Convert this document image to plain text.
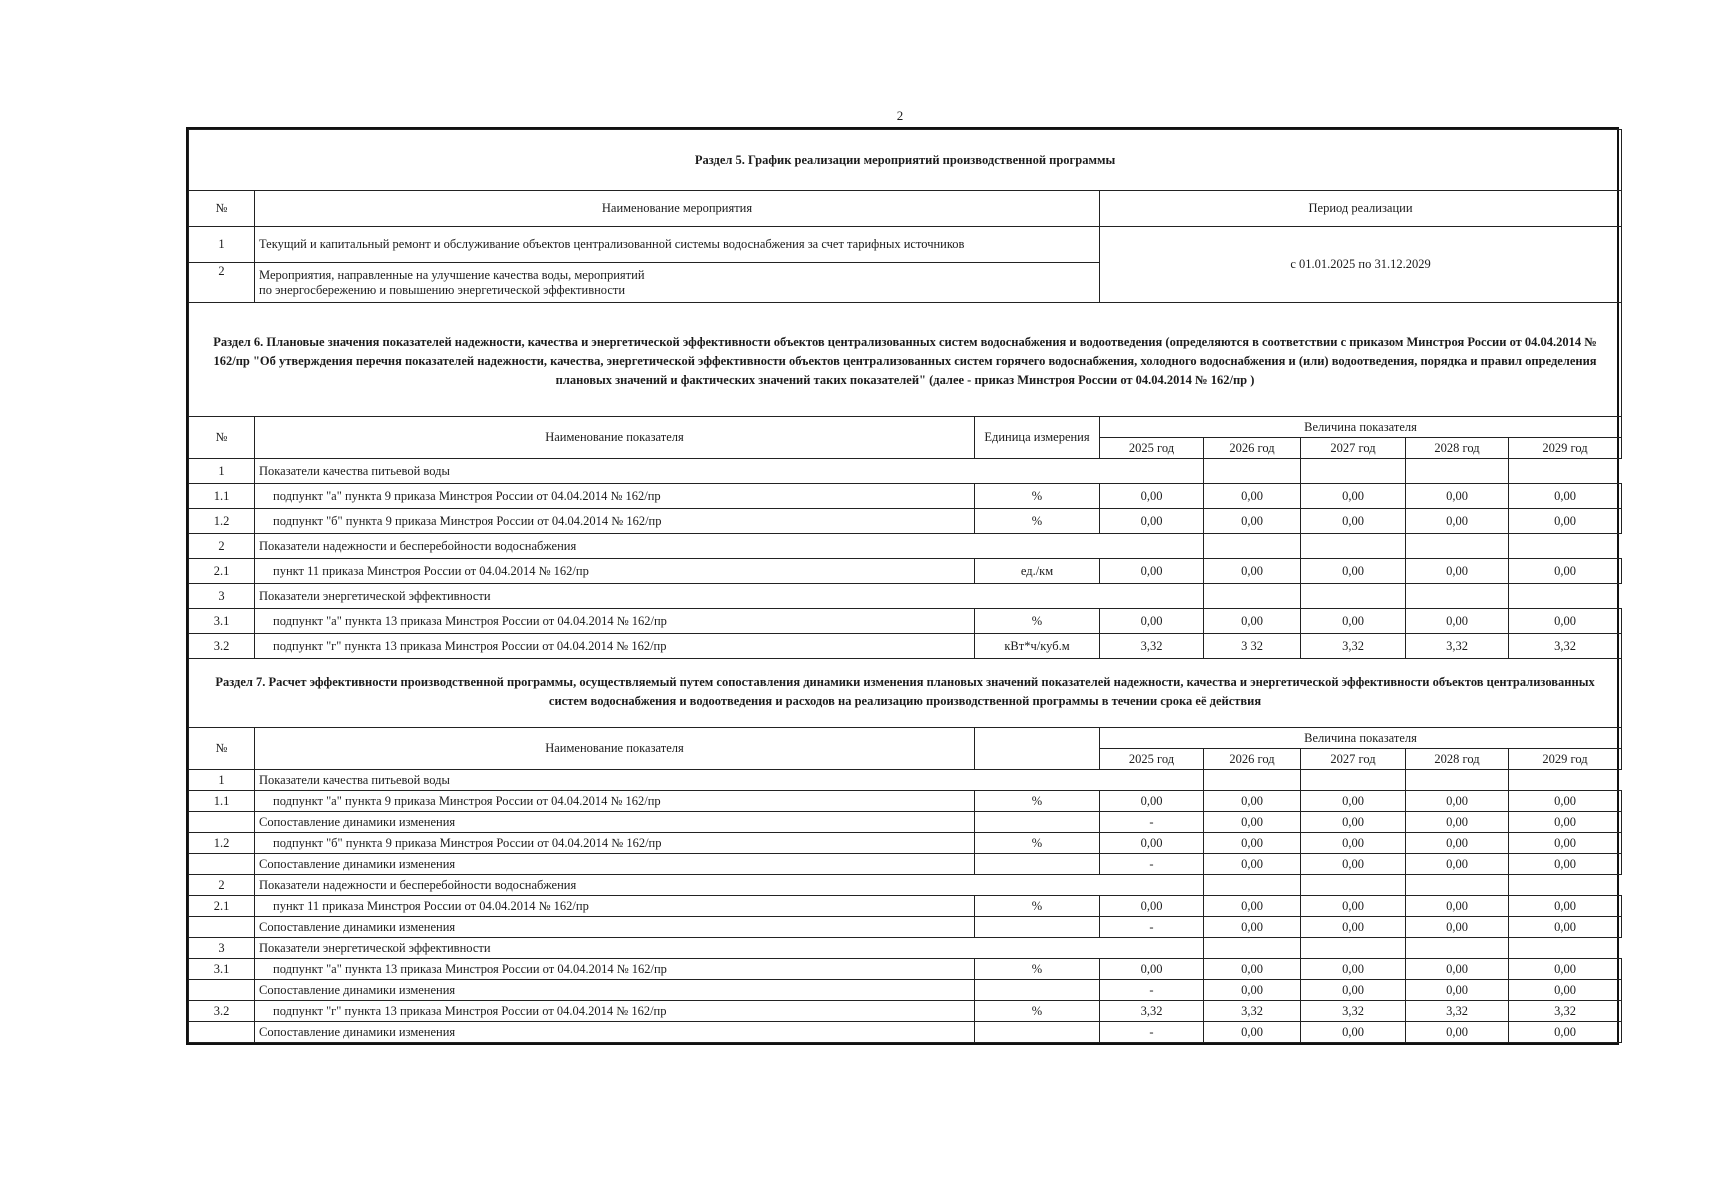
2
Раздел 5. График реализации мероприятий производственной программы							
№	Наименование мероприятия		Период реализации				
1	Текущий и капитальный ремонт и обслуживание объектов централизованной системы водоснабжения за счет тарифных источников		с 01.01.2025 по 31.12.2029				
2	Мероприятия, направленные на улучшение качества воды, мероприятий
по энергосбережению и повышению энергетической эффективности						

Раздел 6. Плановые значения показателей надежности, качества и энергетической эффективности объектов централизованных систем водоснабжения и водоотведения (определяются в соответствии с приказом Минстроя России от 04.04.2014 № 162/пр "Об утверждения перечня показателей надежности, качества, энергетической эффективности объектов централизованных систем горячего водоснабжения, холодного водоснабжения и (или) водоотведения, порядка и правил определения плановых значений и фактических значений таких показателей" (далее - приказ Минстроя России от 04.04.2014 № 162/пр )							
№	Наименование показателя	Единица измерения	Величина показателя				
			2025 год	2026 год	2027 год	2028 год	2029 год
1	Показатели качества питьевой воды						
1.1	подпункт "а" пункта 9 приказа Минстроя России от 04.04.2014 № 162/пр	%	0,00	0,00	0,00	0,00	0,00
1.2	подпункт "б" пункта 9 приказа Минстроя России от 04.04.2014 № 162/пр	%	0,00	0,00	0,00	0,00	0,00
2	Показатели надежности и бесперебойности водоснабжения						
2.1	пункт 11 приказа Минстроя России от 04.04.2014 № 162/пр	ед./км	0,00	0,00	0,00	0,00	0,00
3	Показатели энергетической эффективности						
3.1	подпункт "а" пункта 13 приказа Минстроя России от 04.04.2014 № 162/пр	%	0,00	0,00	0,00	0,00	0,00
3.2	подпункт "г" пункта 13 приказа Минстроя России от 04.04.2014 № 162/пр	кВт*ч/куб.м	3,32	3 32	3,32	3,32	3,32
Раздел 7. Расчет эффективности производственной программы, осуществляемый путем сопоставления динамики изменения плановых значений показателей надежности, качества и энергетической эффективности объектов централизованных систем водоснабжения и водоотведения и расходов на реализацию производственной программы в течении срока её действия							
№	Наименование показателя		Величина показателя				
			2025 год	2026 год	2027 год	2028 год	2029 год
1	Показатели качества питьевой воды						
1.1	подпункт "а" пункта 9 приказа Минстроя России от 04.04.2014 № 162/пр	%	0,00	0,00	0,00	0,00	0,00
	Сопоставление динамики изменения		-	0,00	0,00	0,00	0,00
1.2	подпункт "б" пункта 9 приказа Минстроя России от 04.04.2014 № 162/пр	%	0,00	0,00	0,00	0,00	0,00
	Сопоставление динамики изменения		-	0,00	0,00	0,00	0,00
2	Показатели надежности и бесперебойности водоснабжения						
2.1	пункт 11 приказа Минстроя России от 04.04.2014 № 162/пр	%	0,00	0,00	0,00	0,00	0,00
	Сопоставление динамики изменения		-	0,00	0,00	0,00	0,00
3	Показатели энергетической эффективности						
3.1	подпункт "а" пункта 13 приказа Минстроя России от 04.04.2014 № 162/пр	%	0,00	0,00	0,00	0,00	0,00
	Сопоставление динамики изменения		-	0,00	0,00	0,00	0,00
3.2	подпункт "г" пункта 13 приказа Минстроя России от 04.04.2014 № 162/пр	%	3,32	3,32	3,32	3,32	3,32
	Сопоставление динамики изменения		-	0,00	0,00	0,00	0,00
